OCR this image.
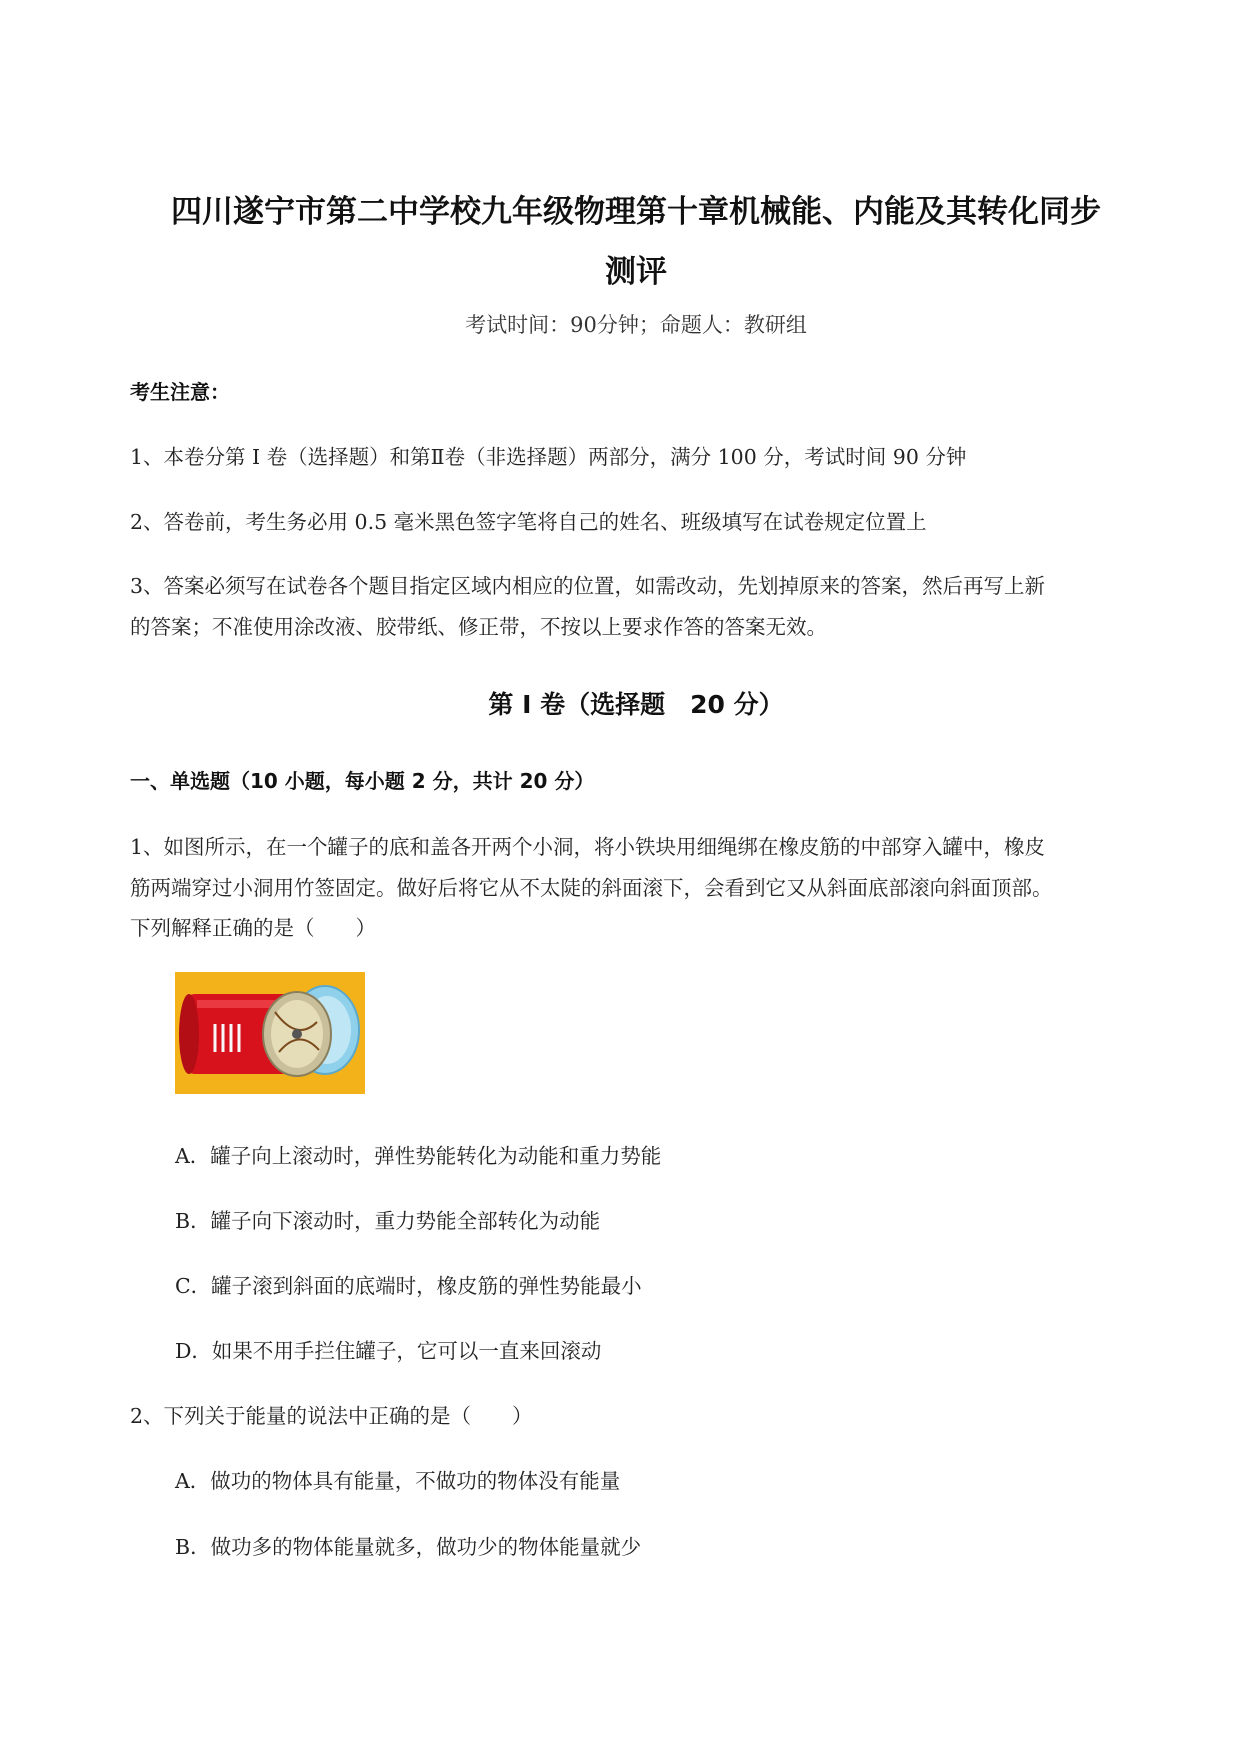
四川遂宁市第二中学校九年级物理第十章机械能、内能及其转化同步
测评
考试时间：90分钟；命题人：教研组
考生注意：
1、本卷分第 I 卷（选择题）和第Ⅱ卷（非选择题）两部分，满分 100 分，考试时间 90 分钟
2、答卷前，考生务必用 0.5 毫米黑色签字笔将自己的姓名、班级填写在试卷规定位置上
3、答案必须写在试卷各个题目指定区域内相应的位置，如需改动，先划掉原来的答案，然后再写上新
的答案；不准使用涂改液、胶带纸、修正带，不按以上要求作答的答案无效。
第 I 卷（选择题　20 分）
一、单选题（10 小题，每小题 2 分，共计 20 分）
1、如图所示，在一个罐子的底和盖各开两个小洞，将小铁块用细绳绑在橡皮筋的中部穿入罐中，橡皮
筋两端穿过小洞用竹签固定。做好后将它从不太陡的斜面滚下，会看到它又从斜面底部滚向斜面顶部。
下列解释正确的是（　　）
A．罐子向上滚动时，弹性势能转化为动能和重力势能
B．罐子向下滚动时，重力势能全部转化为动能
C．罐子滚到斜面的底端时，橡皮筋的弹性势能最小
D．如果不用手拦住罐子，它可以一直来回滚动
2、下列关于能量的说法中正确的是（　　）
A．做功的物体具有能量，不做功的物体没有能量
B．做功多的物体能量就多，做功少的物体能量就少
